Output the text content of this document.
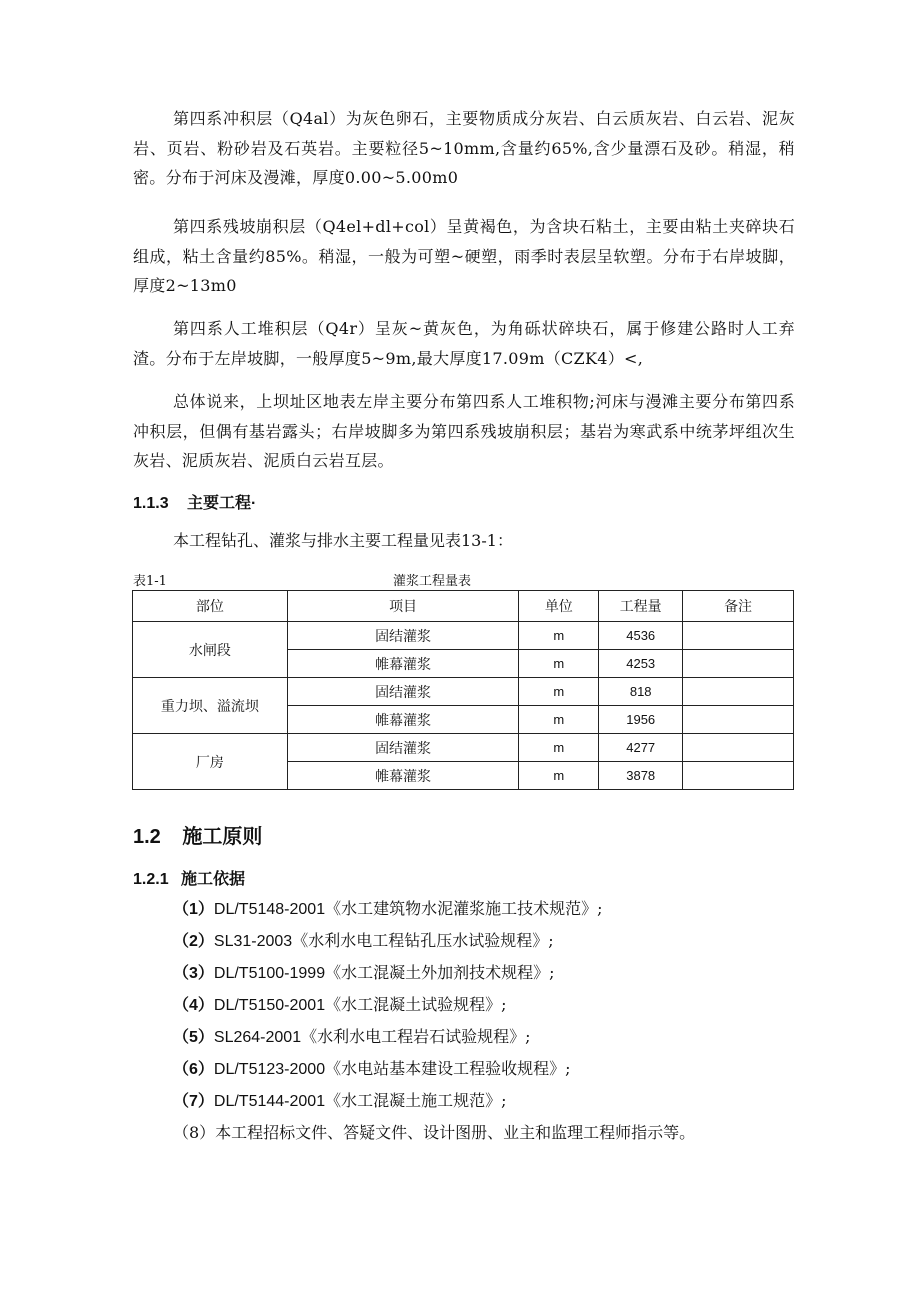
第四系冲积层（Q4al）为灰色卵石，主要物质成分灰岩、白云质灰岩、白云岩、泥灰岩、页岩、粉砂岩及石英岩。主要粒径5~10mm,含量约65%,含少量漂石及砂。稍湿，稍密。分布于河床及漫滩，厚度0.00~5.00m0

第四系残坡崩积层（Q4el+dl+col）呈黄褐色，为含块石粘土，主要由粘土夹碎块石组成，粘土含量约85%。稍湿，一般为可塑~硬塑，雨季时表层呈软塑。分布于右岸坡脚，厚度2~13m0

第四系人工堆积层（Q4r）呈灰~黄灰色，为角砾状碎块石，属于修建公路时人工弃渣。分布于左岸坡脚，一般厚度5~9m,最大厚度17.09m（CZK4）<,

总体说来，上坝址区地表左岸主要分布第四系人工堆积物;河床与漫滩主要分布第四系冲积层，但偶有基岩露头；右岸坡脚多为第四系残坡崩积层；基岩为寒武系中统茅坪组次生灰岩、泥质灰岩、泥质白云岩互层。

1.1.3 主要工程·
本工程钻孔、灌浆与排水主要工程量见表13-1：
表1-1	灌浆工程量表
部位	项目	单位	工程量	备注
水闸段	固结灌浆	m	4536	
	帷幕灌浆	m	4253	
重力坝、溢流坝	固结灌浆	m	818	
	帷幕灌浆	m	1956	
厂房	固结灌浆	m	4277	
	帷幕灌浆	m	3878	
1.2 施工原则
1.2.1 施工依据
（1）DL/T5148-2001《水工建筑物水泥灌浆施工技术规范》;
（2）SL31-2003《水利水电工程钻孔压水试验规程》;
（3）DL/T5100-1999《水工混凝土外加剂技术规程》;
（4）DL/T5150-2001《水工混凝土试验规程》;
（5）SL264-2001《水利水电工程岩石试验规程》;
（6）DL/T5123-2000《水电站基本建设工程验收规程》;
（7）DL/T5144-2001《水工混凝土施工规范》;
（8）本工程招标文件、答疑文件、设计图册、业主和监理工程师指示等。
